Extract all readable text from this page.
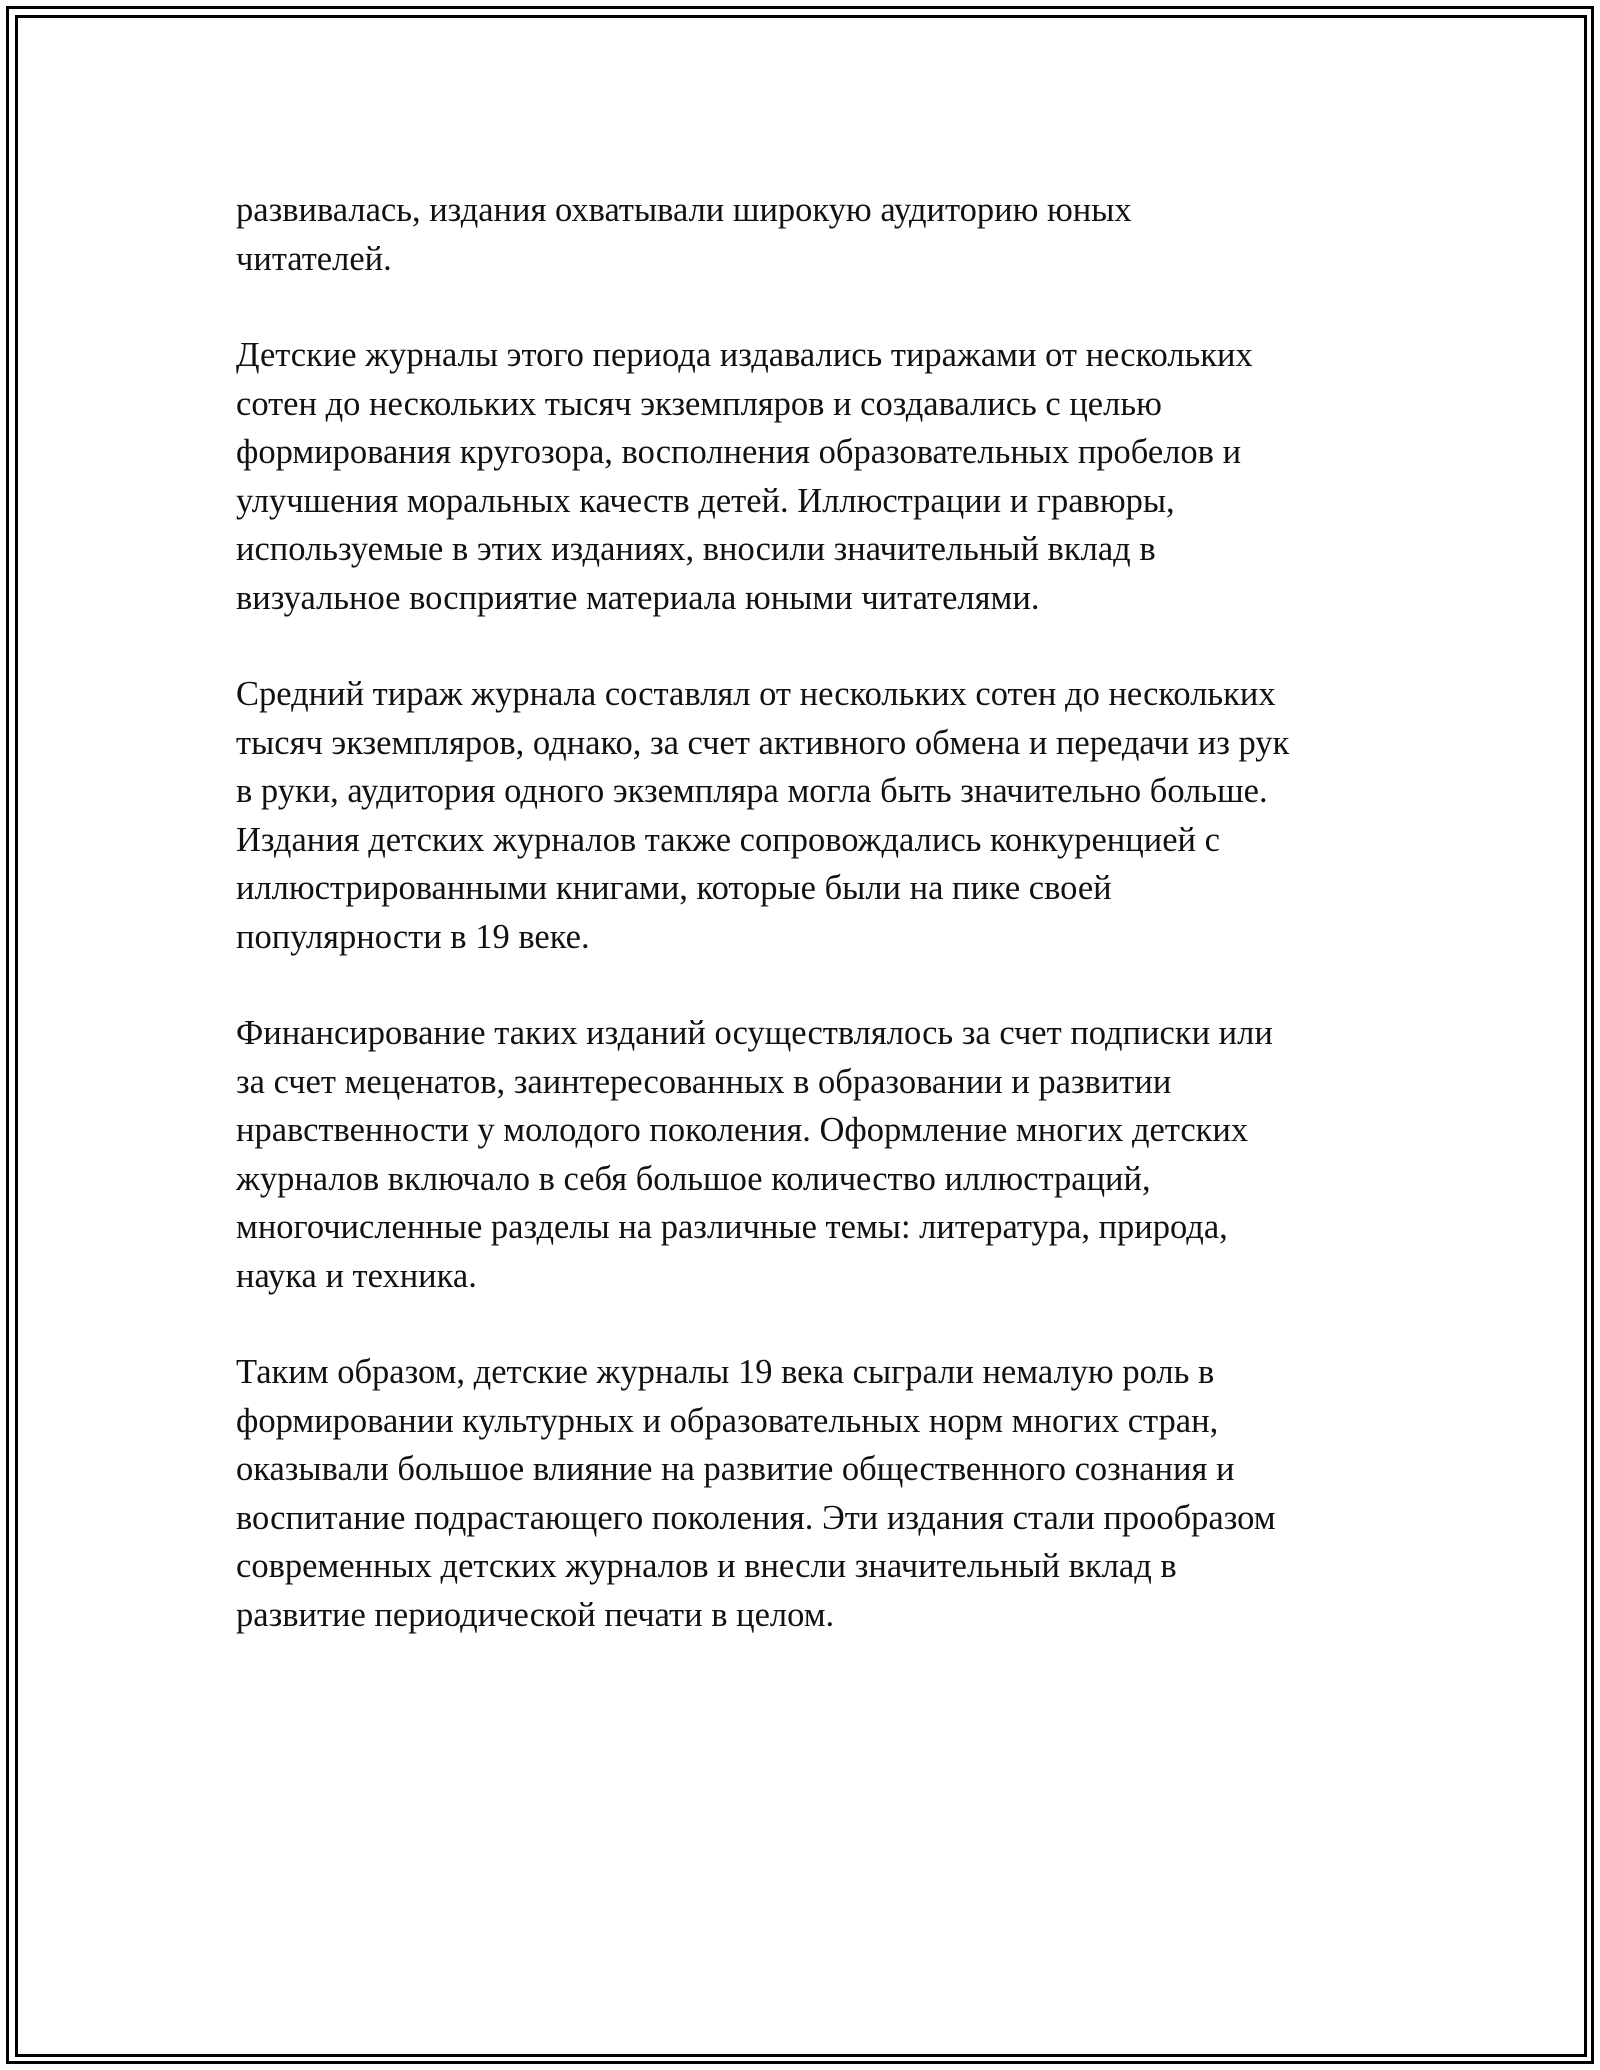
развивалась, издания охватывали широкую аудиторию юных
читателей.

Детские журналы этого периода издавались тиражами от нескольких
сотен до нескольких тысяч экземпляров и создавались с целью
формирования кругозора, восполнения образовательных пробелов и
улучшения моральных качеств детей. Иллюстрации и гравюры,
используемые в этих изданиях, вносили значительный вклад в
визуальное восприятие материала юными читателями.

Средний тираж журнала составлял от нескольких сотен до нескольких
тысяч экземпляров, однако, за счет активного обмена и передачи из рук
в руки, аудитория одного экземпляра могла быть значительно больше.
Издания детских журналов также сопровождались конкуренцией с
иллюстрированными книгами, которые были на пике своей
популярности в 19 веке.

Финансирование таких изданий осуществлялось за счет подписки или
за счет меценатов, заинтересованных в образовании и развитии
нравственности у молодого поколения. Оформление многих детских
журналов включало в себя большое количество иллюстраций,
многочисленные разделы на различные темы: литература, природа,
наука и техника.

Таким образом, детские журналы 19 века сыграли немалую роль в
формировании культурных и образовательных норм многих стран,
оказывали большое влияние на развитие общественного сознания и
воспитание подрастающего поколения. Эти издания стали прообразом
современных детских журналов и внесли значительный вклад в
развитие периодической печати в целом.
